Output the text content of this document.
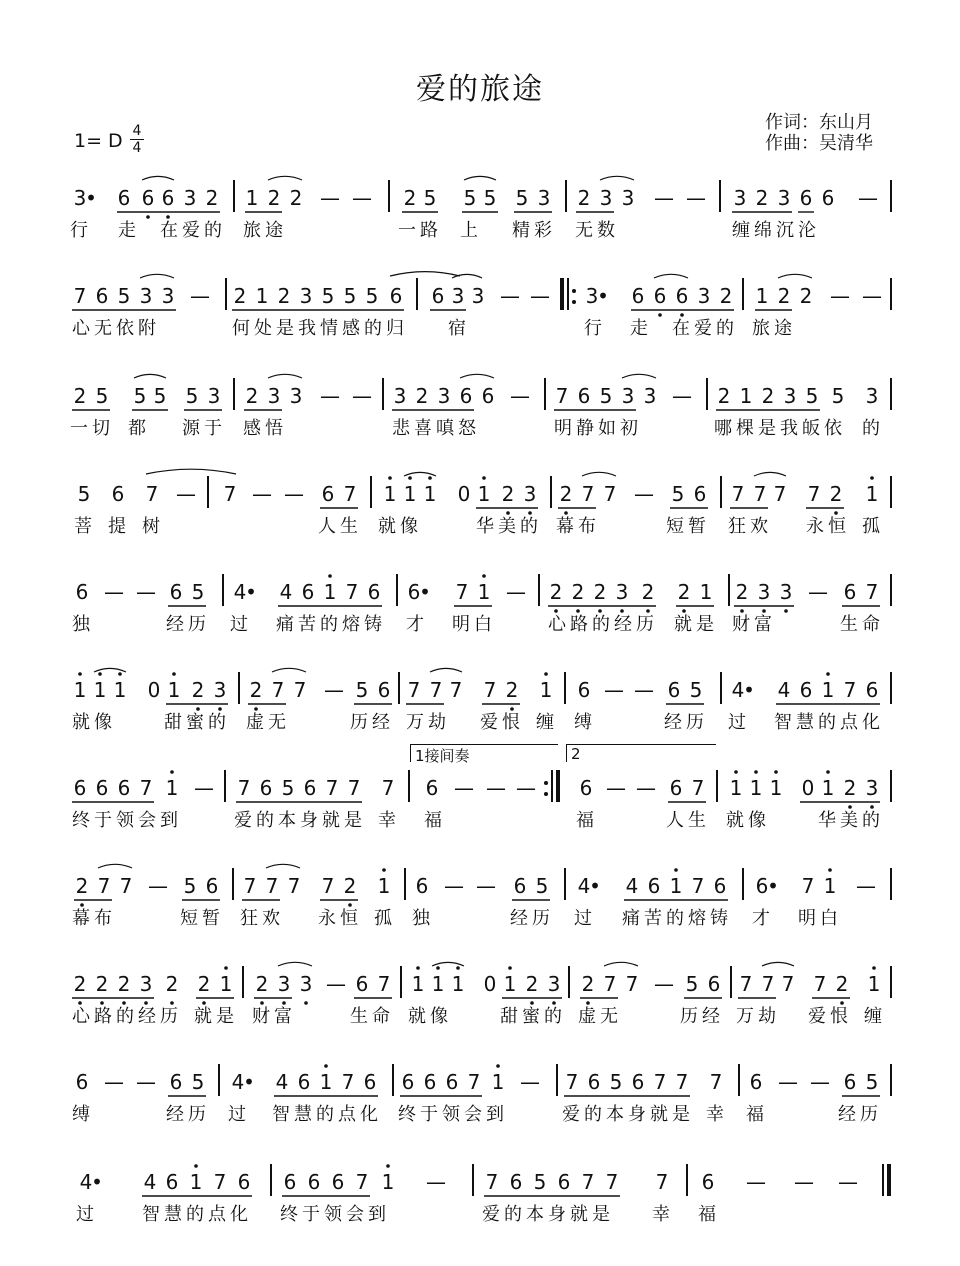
爱的旅途
1= D 4
4
作词：东山月
作曲：吴清华
3
• 6 6 6 3 2 1 2 2 — — 2 5 5 5 5 3 2 3 3 — — 3 2 3 6 6 —
行 走 在爱的 旅途	一路 上 精彩 无数	缠绵沉沦
7 6 5 3 3 — 2 1 2 3 5 5 5 6 6 3 3 — — 3
• 6 6 6 3 2 1 2 2 — —
心无依附	何处是我情感的归 宿	行 走 在爱的 旅途
2 5 5 5 5 3 2 3 3 — — 3 2 3 6 6 — 7 6 5 3 3 — 2 1 2 3 5 5 3
一切 都 源于 感悟	悲喜嗔怒	明静如初	哪棵是我皈依 的
5 6 7 — 7 — — 6 7 1 1 1 0 1 2 3 2 7 7 — 5 6 7 7 7 7 2 1
菩 提 树	人生 就像	华美的 幕布	短暂 狂欢 永恒 孤
6 — — 6 5 4
• 4 6 1 7 6 6
• 7 1 — 2 2 2 3 2 2 1 2 3 3 — 6 7
独	经历 过 痛苦的熔铸 才 明白	心路的经历 就是 财富	生命
1 1 1 0 1 2 3 2 7 7 — 5 6 7 7 7 7 2 1 6 — — 6 5 4
• 4 6 1 7 6
就像	甜蜜的 虚无	历经 万劫 爱恨 缠 缚	经历 过 智慧的点化
6 6 6 7 1 — 7 6 5 6 7 7 7 6 — — — 6 — — 6 7 1 1 1 0 1 2 3
终于领会到	爱的本身就是 幸 福	福	人生 就像	华美的
1接间奏	2
2 7 7 — 5 6 7 7 7 7 2 1 6 — — 6 5 4
• 4 6 1 7 6 6
• 7 1 —
幕布	短暂 狂欢 永恒 孤 独	经历 过 痛苦的熔铸 才 明白
2 2 2 3 2 2 1 2 3 3 — 6 7 1 1 1 0 1 2 3 2 7 7 — 5 6 7 7 7 7 2 1
心路的经历 就是 财富	生命 就像	甜蜜的 虚无	历经 万劫 爱恨 缠
6 — — 6 5 4
• 4 6 1 7 6 6 6 6 7 1 — 7 6 5 6 7 7 7 6 — — 6 5
缚	经历 过 智慧的点化 终于领会到	爱的本身就是 幸 福	经历
4
• 4 6 1 7 6 6 6 6 7 1 — 7 6 5 6 7 7 7 6 — — —
过 智慧的点化 终于领会到	爱的本身就是 幸 福
